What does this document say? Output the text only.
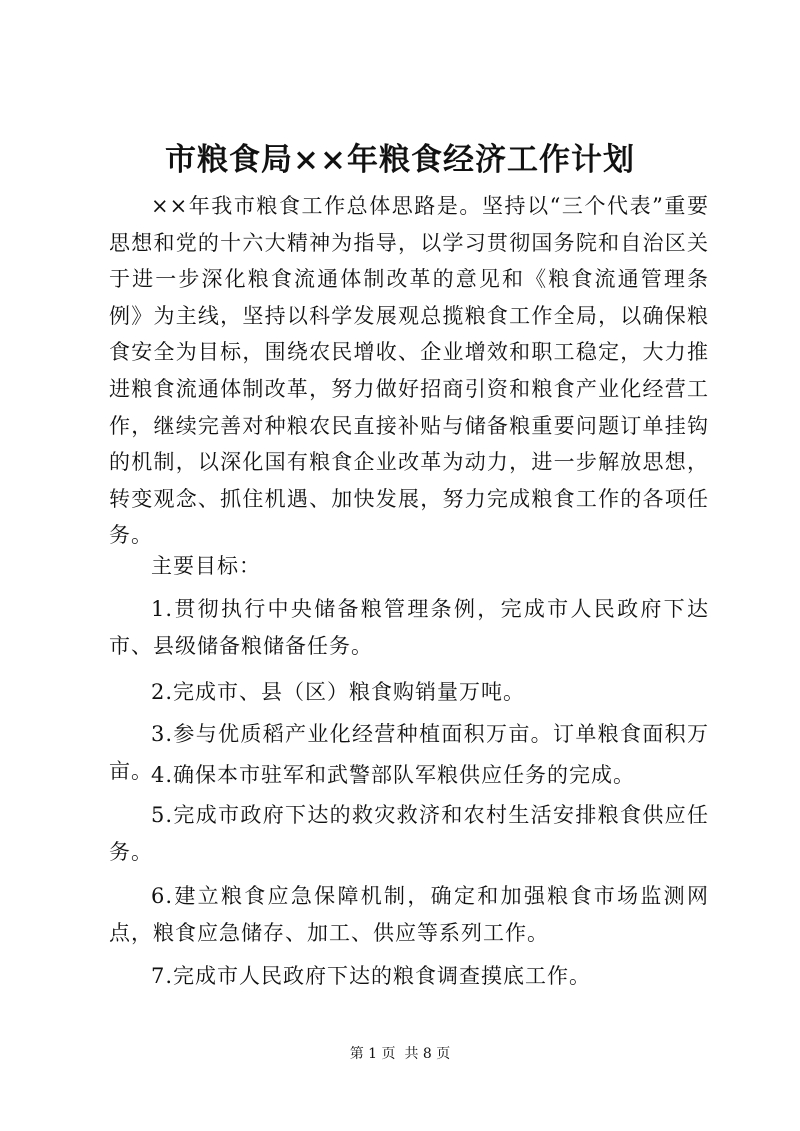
市粮食局××年粮食经济工作计划

××年我市粮食工作总体思路是。坚持以“三个代表”重要思想和党的十六大精神为指导，以学习贯彻国务院和自治区关于进一步深化粮食流通体制改革的意见和《粮食流通管理条例》为主线，坚持以科学发展观总揽粮食工作全局，以确保粮食安全为目标，围绕农民增收、企业增效和职工稳定，大力推进粮食流通体制改革，努力做好招商引资和粮食产业化经营工作，继续完善对种粮农民直接补贴与储备粮重要问题订单挂钩的机制，以深化国有粮食企业改革为动力，进一步解放思想，转变观念、抓住机遇、加快发展，努力完成粮食工作的各项任务。

主要目标：

1.贯彻执行中央储备粮管理条例，完成市人民政府下达市、县级储备粮储备任务。

2.完成市、县（区）粮食购销量万吨。

3.参与优质稻产业化经营种植面积万亩。订单粮食面积万亩。

4.确保本市驻军和武警部队军粮供应任务的完成。

5.完成市政府下达的救灾救济和农村生活安排粮食供应任务。

6.建立粮食应急保障机制，确定和加强粮食市场监测网点，粮食应急储存、加工、供应等系列工作。

7.完成市人民政府下达的粮食调查摸底工作。

第 1 页  共 8 页
